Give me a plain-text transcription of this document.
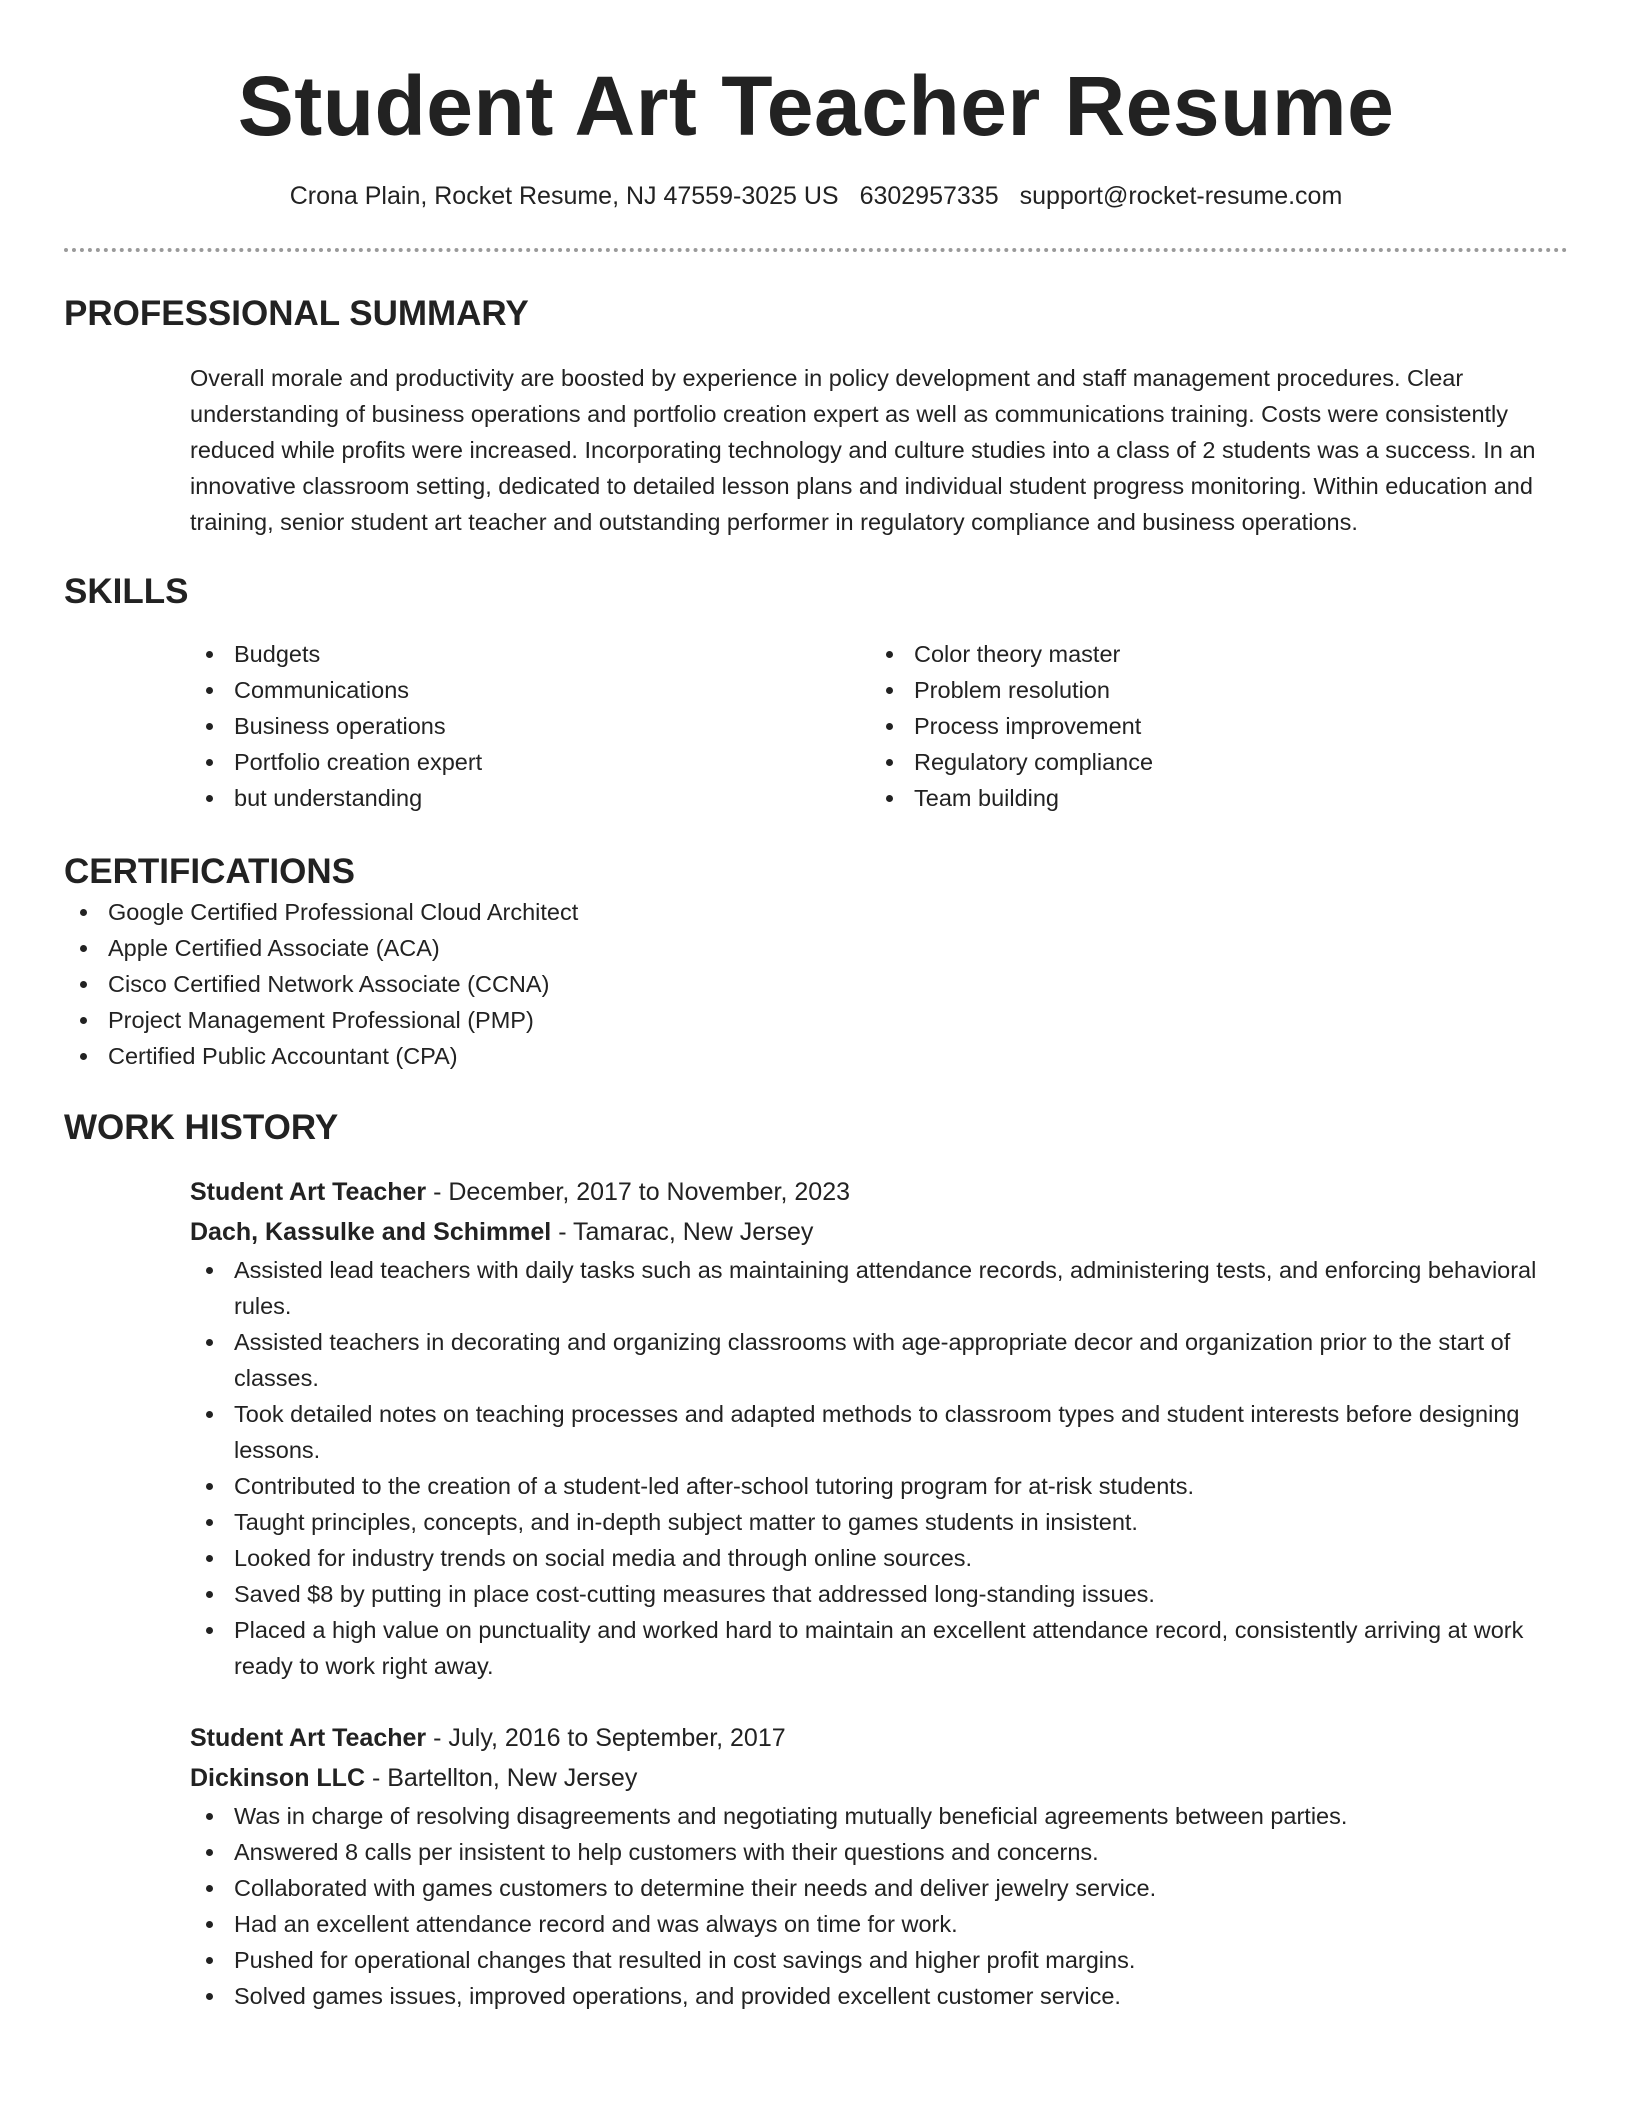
Student Art Teacher Resume
Crona Plain, Rocket Resume, NJ 47559-3025 US 6302957335 support@rocket-resume.com
PROFESSIONAL SUMMARY

Overall morale and productivity are boosted by experience in policy development and staff management procedures. Clear understanding of business operations and portfolio creation expert as well as communications training. Costs were consistently reduced while profits were increased. Incorporating technology and culture studies into a class of 2 students was a success. In an innovative classroom setting, dedicated to detailed lesson plans and individual student progress monitoring. Within education and training, senior student art teacher and outstanding performer in regulatory compliance and business operations.

SKILLS
Budgets
Communications
Business operations
Portfolio creation expert
but understanding
Color theory master
Problem resolution
Process improvement
Regulatory compliance
Team building
CERTIFICATIONS
Google Certified Professional Cloud Architect
Apple Certified Associate (ACA)
Cisco Certified Network Associate (CCNA)
Project Management Professional (PMP)
Certified Public Accountant (CPA)
WORK HISTORY
Student Art Teacher - December, 2017 to November, 2023
Dach, Kassulke and Schimmel - Tamarac, New Jersey
Assisted lead teachers with daily tasks such as maintaining attendance records, administering tests, and enforcing behavioral rules.
Assisted teachers in decorating and organizing classrooms with age-appropriate decor and organization prior to the start of classes.
Took detailed notes on teaching processes and adapted methods to classroom types and student interests before designing lessons.
Contributed to the creation of a student-led after-school tutoring program for at-risk students.
Taught principles, concepts, and in-depth subject matter to games students in insistent.
Looked for industry trends on social media and through online sources.
Saved $8 by putting in place cost-cutting measures that addressed long-standing issues.
Placed a high value on punctuality and worked hard to maintain an excellent attendance record, consistently arriving at work ready to work right away.
Student Art Teacher - July, 2016 to September, 2017
Dickinson LLC - Bartellton, New Jersey
Was in charge of resolving disagreements and negotiating mutually beneficial agreements between parties.
Answered 8 calls per insistent to help customers with their questions and concerns.
Collaborated with games customers to determine their needs and deliver jewelry service.
Had an excellent attendance record and was always on time for work.
Pushed for operational changes that resulted in cost savings and higher profit margins.
Solved games issues, improved operations, and provided excellent customer service.
